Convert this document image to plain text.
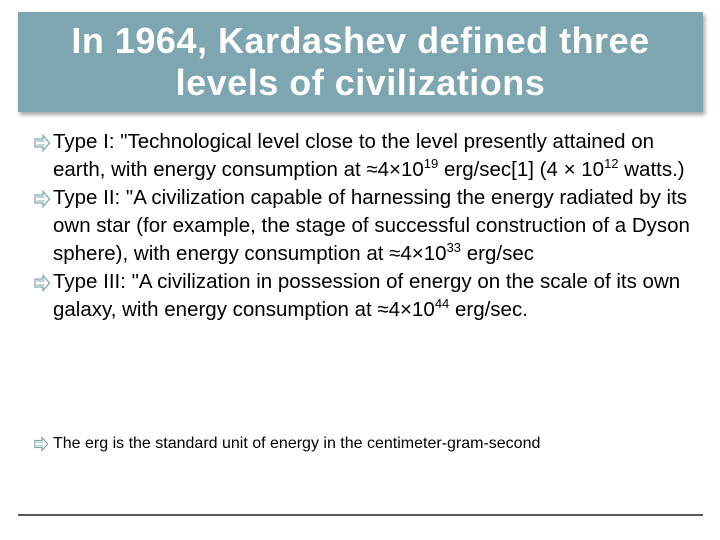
In 1964, Kardashev defined three
levels of civilizations
Type I: "Technological level close to the level presently attained on earth, with energy consumption at $\approx 4\times 10^{19}$ erg/sec[1] ($4 \times 10^{12}$ watts.)
Type II: "A civilization capable of harnessing the energy radiated by its own star (for example, the stage of successful construction of a Dyson sphere), with energy consumption at $\approx 4\times 10^{33}$ erg/sec
Type III: "A civilization in possession of energy on the scale of its own galaxy, with energy consumption at $\approx 4\times 10^{44}$ erg/sec.
The erg is the standard unit of energy in the centimeter-gram-second
